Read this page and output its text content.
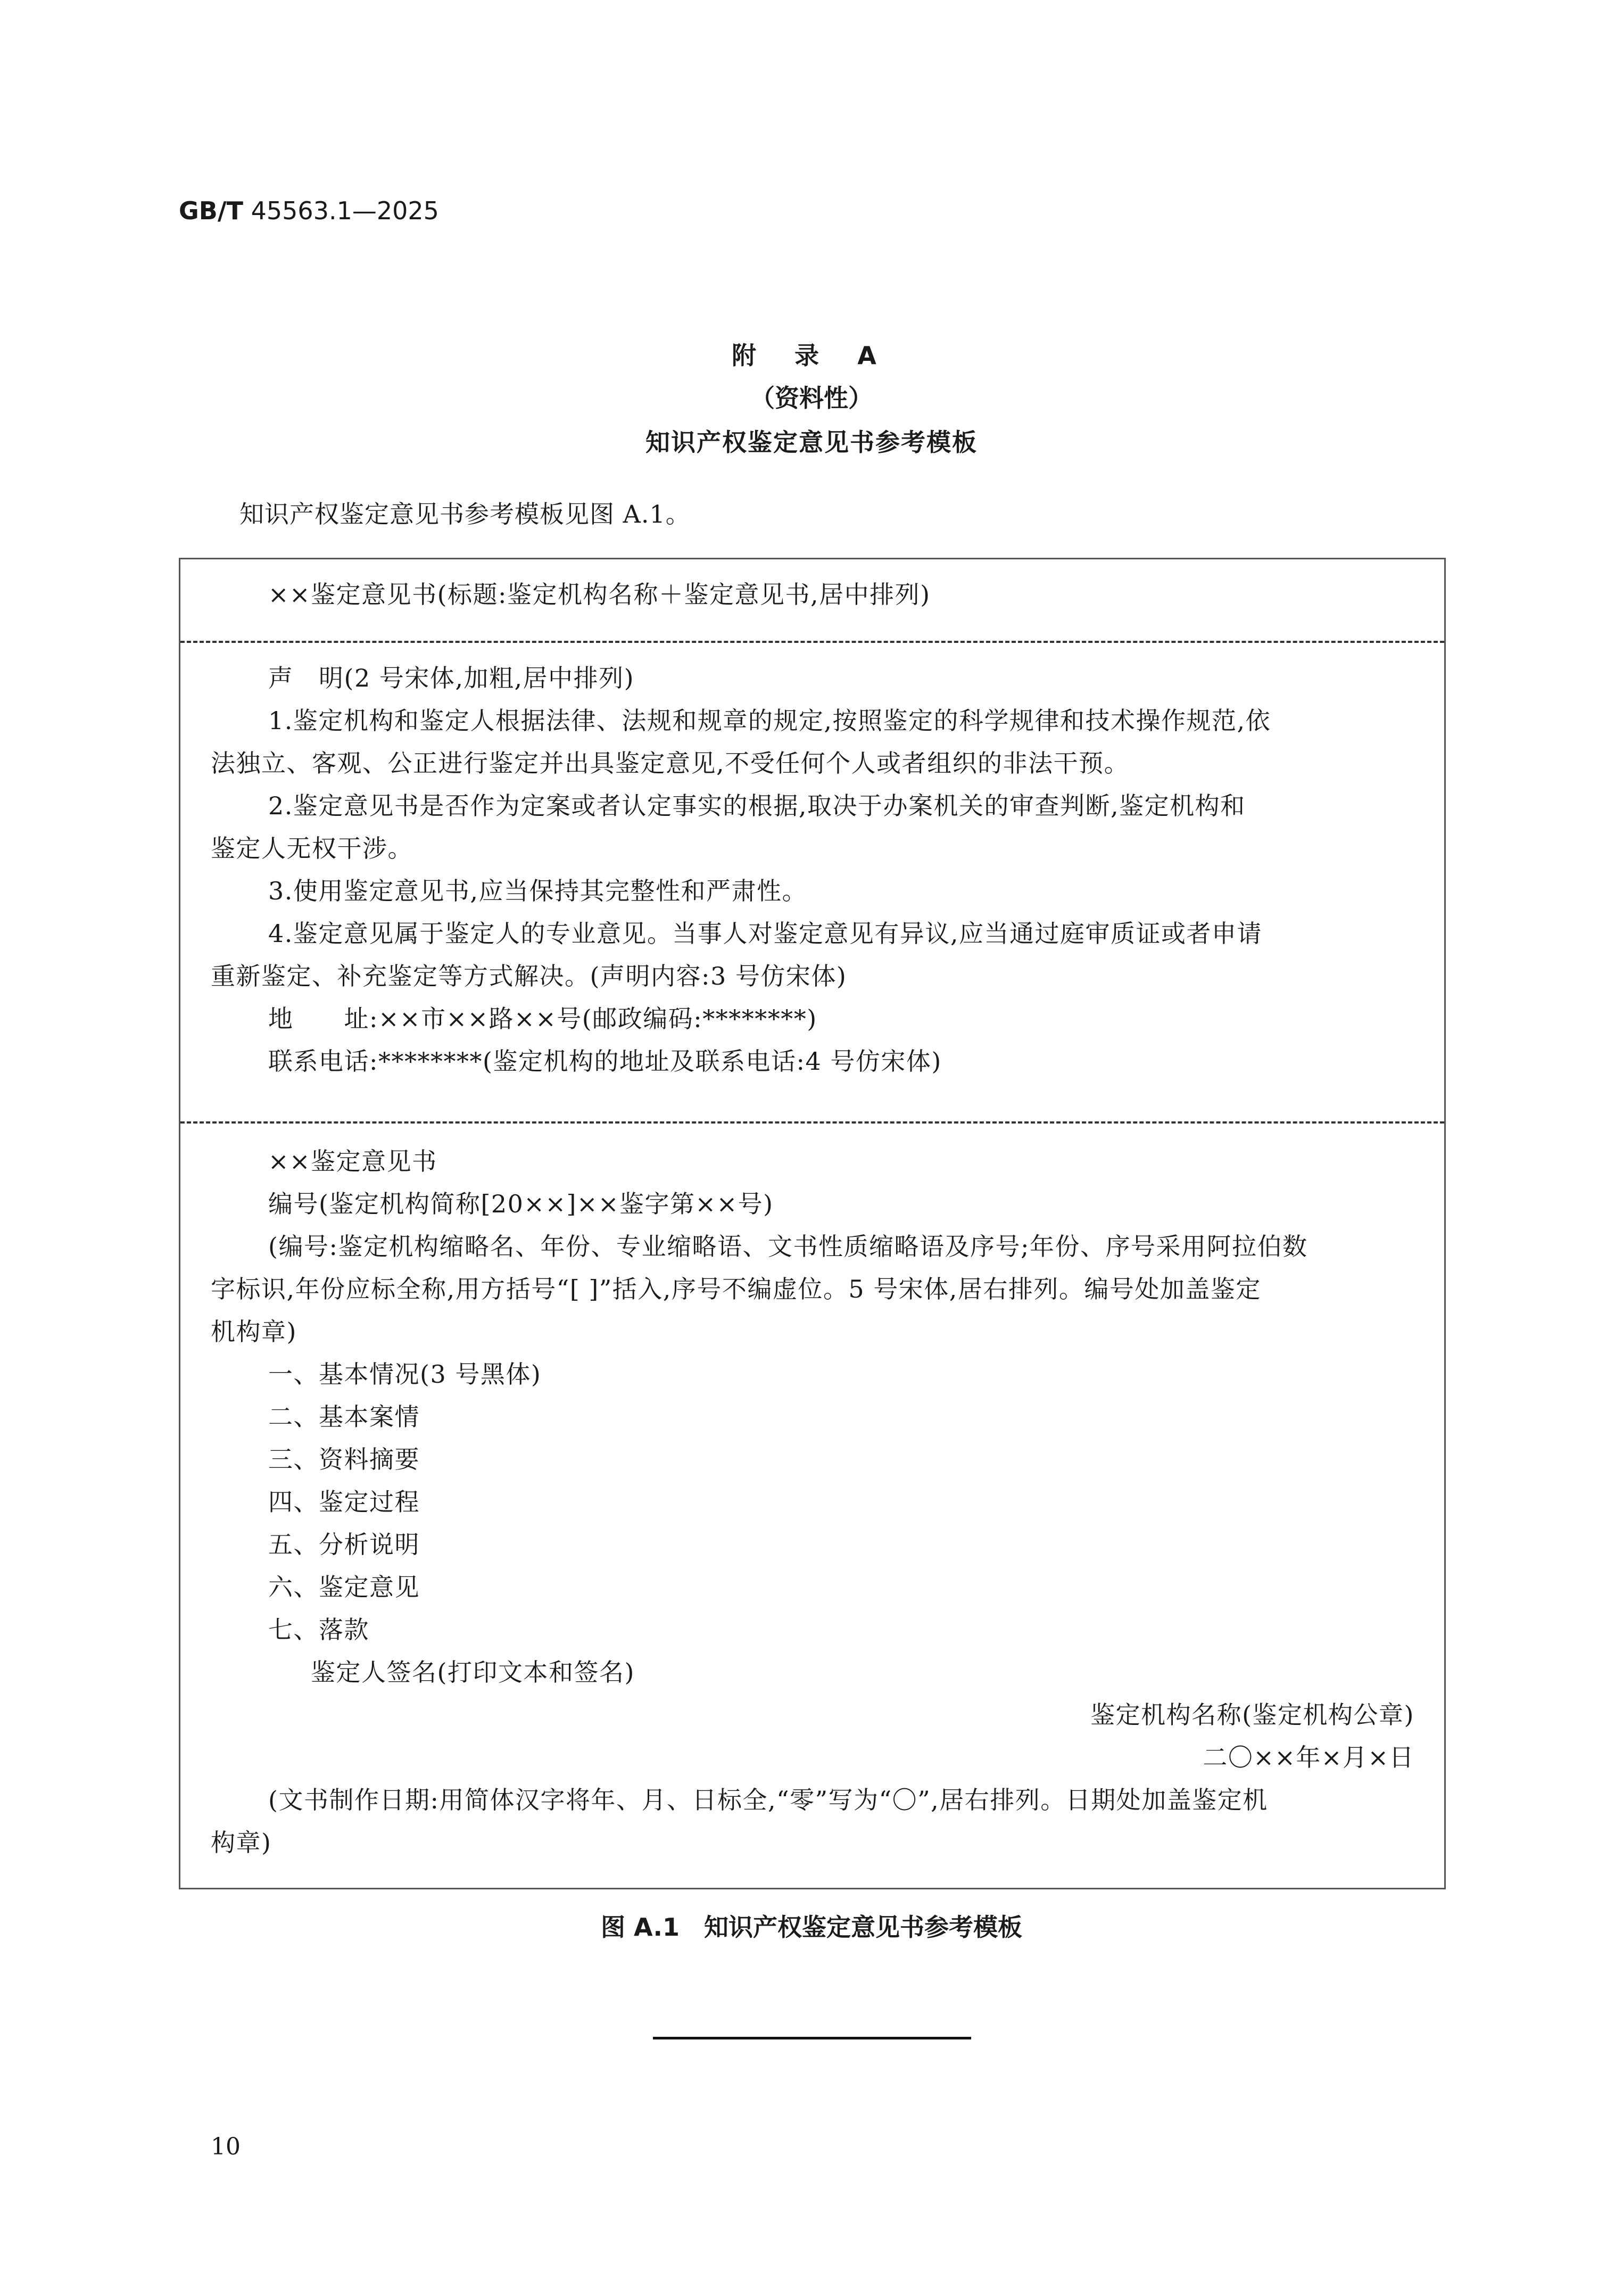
GB/T 45563.1—2025
附 录 A
（资料性）
知识产权鉴定意见书参考模板
知识产权鉴定意见书参考模板见图 A.1。
××鉴定意见书(标题:鉴定机构名称＋鉴定意见书,居中排列)
声　明(2 号宋体,加粗,居中排列)
1.鉴定机构和鉴定人根据法律、法规和规章的规定,按照鉴定的科学规律和技术操作规范,依
法独立、客观、公正进行鉴定并出具鉴定意见,不受任何个人或者组织的非法干预。
2.鉴定意见书是否作为定案或者认定事实的根据,取决于办案机关的审查判断,鉴定机构和
鉴定人无权干涉。
3.使用鉴定意见书,应当保持其完整性和严肃性。
4.鉴定意见属于鉴定人的专业意见。当事人对鉴定意见有异议,应当通过庭审质证或者申请
重新鉴定、补充鉴定等方式解决。(声明内容:3 号仿宋体)
地　　址:××市××路××号(邮政编码:********)
联系电话:********(鉴定机构的地址及联系电话:4 号仿宋体)
××鉴定意见书
编号(鉴定机构简称[20××]××鉴字第××号)
(编号:鉴定机构缩略名、年份、专业缩略语、文书性质缩略语及序号;年份、序号采用阿拉伯数
字标识,年份应标全称,用方括号“[ ]”括入,序号不编虚位。5 号宋体,居右排列。编号处加盖鉴定
机构章)
一、基本情况(3 号黑体)
二、基本案情
三、资料摘要
四、鉴定过程
五、分析说明
六、鉴定意见
七、落款
鉴定人签名(打印文本和签名)
鉴定机构名称(鉴定机构公章)
二〇××年×月×日
(文书制作日期:用简体汉字将年、月、日标全,“零”写为“〇”,居右排列。日期处加盖鉴定机
构章)
图 A.1　知识产权鉴定意见书参考模板
10
